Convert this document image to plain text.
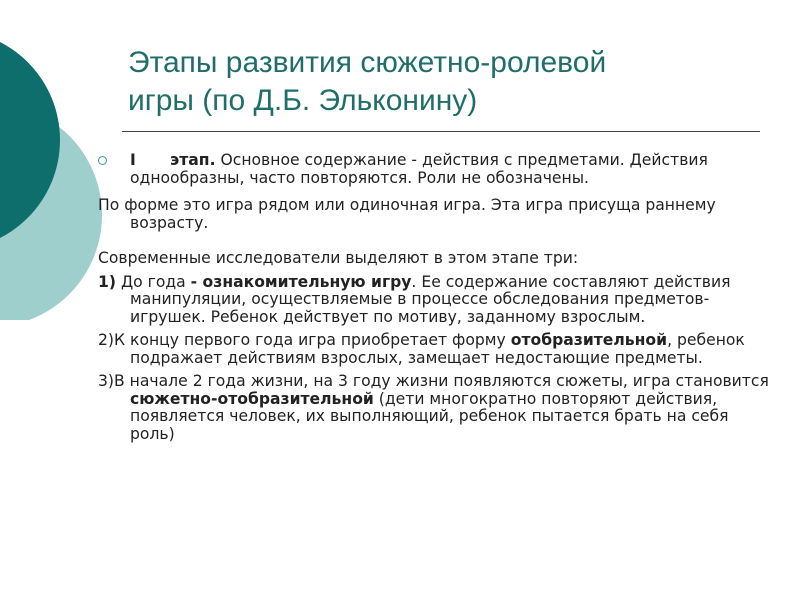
Этапы развития сюжетно-ролевой
игры (по Д.Б. Эльконину)
I этап. Основное содержание - действия с предметами. Действия однообразны, часто повторяются. Роли не обозначены.

По форме это игра рядом или одиночная игра. Эта игра присуща раннему возрасту.

Современные исследователи выделяют в этом этапе три:

1) До года - ознакомительную игру. Ее содержание составляют действия манипуляции, осуществляемые в процессе обследования предметов-игрушек. Ребенок действует по мотиву, заданному взрослым.

2)К концу первого года игра приобретает форму отобразительной, ребенок подражает действиям взрослых, замещает недостающие предметы.

3)В начале 2 года жизни, на 3 году жизни появляются сюжеты, игра становится сюжетно-отобразительной (дети многократно повторяют действия, появляется человек, их выполняющий, ребенок пытается брать на себя роль)
